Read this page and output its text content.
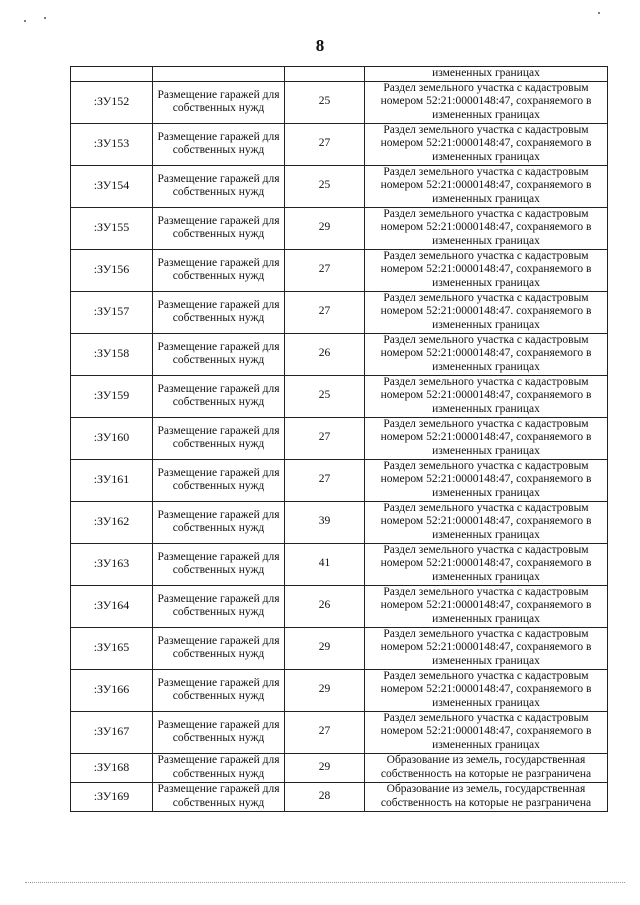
8
			измененных границах
:ЗУ152	Размещение гаражей для собственных нужд	25	Раздел земельного участка с кадастровым номером 52:21:0000148:47, сохраняемого в измененных границах
:ЗУ153	Размещение гаражей для собственных нужд	27	Раздел земельного участка с кадастровым номером 52:21:0000148:47, сохраняемого в измененных границах
:ЗУ154	Размещение гаражей для собственных нужд	25	Раздел земельного участка с кадастровым номером 52:21:0000148:47, сохраняемого в измененных границах
:ЗУ155	Размещение гаражей для собственных нужд	29	Раздел земельного участка с кадастровым номером 52:21:0000148:47, сохраняемого в измененных границах
:ЗУ156	Размещение гаражей для собственных нужд	27	Раздел земельного участка с кадастровым номером 52:21:0000148:47, сохраняемого в измененных границах
:ЗУ157	Размещение гаражей для собственных нужд	27	Раздел земельного участка с кадастровым номером 52:21:0000148:47. сохраняемого в измененных границах
:ЗУ158	Размещение гаражей для собственных нужд	26	Раздел земельного участка с кадастровым номером 52:21:0000148:47, сохраняемого в измененных границах
:ЗУ159	Размещение гаражей для собственных нужд	25	Раздел земельного участка с кадастровым номером 52:21:0000148:47, сохраняемого в измененных границах
:ЗУ160	Размещение гаражей для собственных нужд	27	Раздел земельного участка с кадастровым номером 52:21:0000148:47, сохраняемого в измененных границах
:ЗУ161	Размещение гаражей для собственных нужд	27	Раздел земельного участка с кадастровым номером 52:21:0000148:47, сохраняемого в измененных границах
:ЗУ162	Размещение гаражей для собственных нужд	39	Раздел земельного участка с кадастровым номером 52:21:0000148:47, сохраняемого в измененных границах
:ЗУ163	Размещение гаражей для собственных нужд	41	Раздел земельного участка с кадастровым номером 52:21:0000148:47, сохраняемого в измененных границах
:ЗУ164	Размещение гаражей для собственных нужд	26	Раздел земельного участка с кадастровым номером 52:21:0000148:47, сохраняемого в измененных границах
:ЗУ165	Размещение гаражей для собственных нужд	29	Раздел земельного участка с кадастровым номером 52:21:0000148:47, сохраняемого в измененных границах
:ЗУ166	Размещение гаражей для собственных нужд	29	Раздел земельного участка с кадастровым номером 52:21:0000148:47, сохраняемого в измененных границах
:ЗУ167	Размещение гаражей для собственных нужд	27	Раздел земельного участка с кадастровым номером 52:21:0000148:47, сохраняемого в измененных границах
:ЗУ168	Размещение гаражей для собственных нужд	29	Образование из земель, государственная собственность на которые не разграничена
:ЗУ169	Размещение гаражей для собственных нужд	28	Образование из земель, государственная собственность на которые не разграничена
